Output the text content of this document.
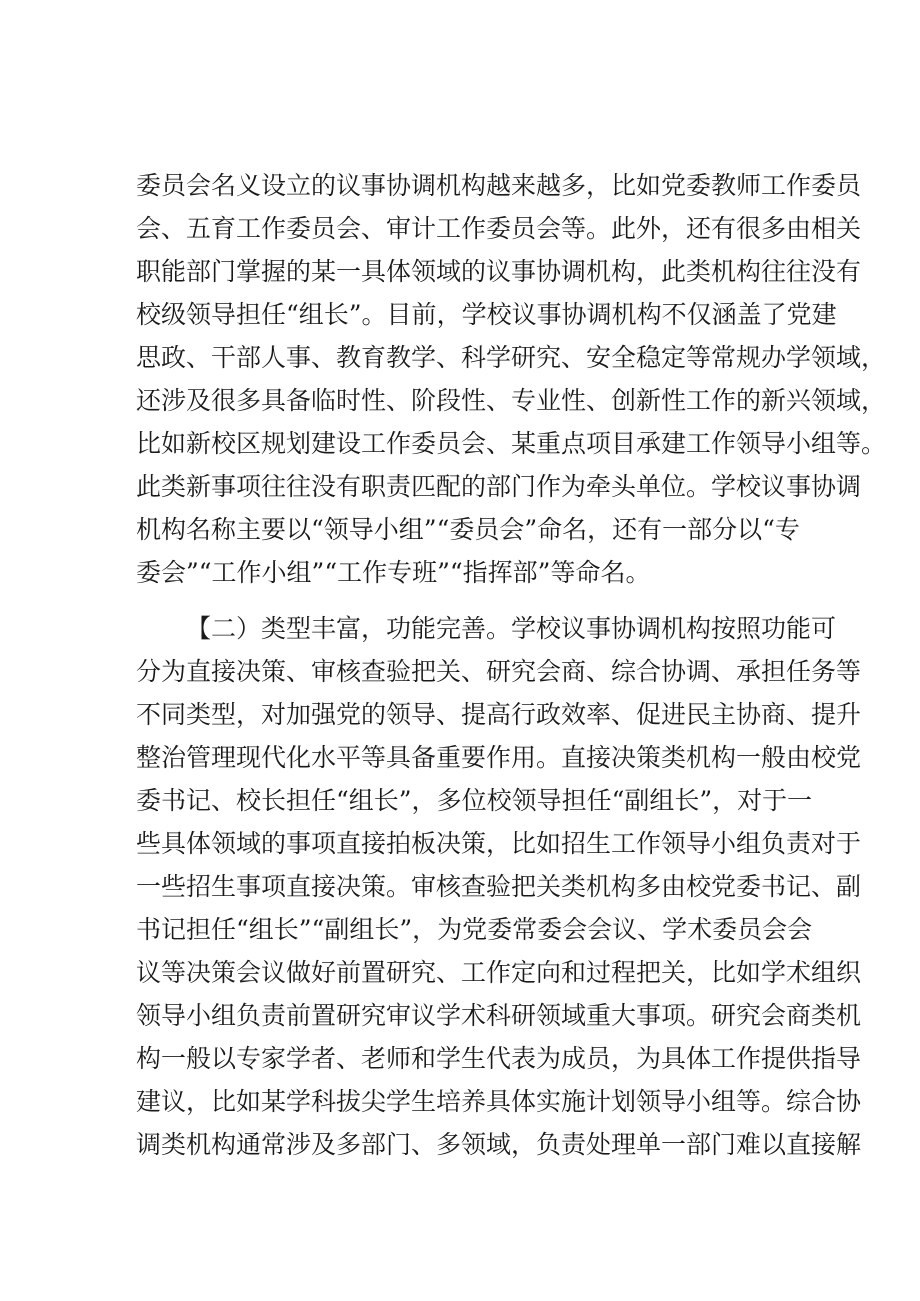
委员会名义设立的议事协调机构越来越多，比如党委教师工作委员
会、五育工作委员会、审计工作委员会等。此外，还有很多由相关
职能部门掌握的某一具体领域的议事协调机构，此类机构往往没有
校级领导担任“组长”。目前，学校议事协调机构不仅涵盖了党建
思政、干部人事、教育教学、科学研究、安全稳定等常规办学领域，
还涉及很多具备临时性、阶段性、专业性、创新性工作的新兴领域，
比如新校区规划建设工作委员会、某重点项目承建工作领导小组等。
此类新事项往往没有职责匹配的部门作为牵头单位。学校议事协调
机构名称主要以“领导小组”“委员会”命名，还有一部分以“专
委会”“工作小组”“工作专班”“指挥部”等命名。
【二）类型丰富，功能完善。学校议事协调机构按照功能可
分为直接决策、审核查验把关、研究会商、综合协调、承担任务等
不同类型，对加强党的领导、提高行政效率、促进民主协商、提升
整治管理现代化水平等具备重要作用。直接决策类机构一般由校党
委书记、校长担任“组长”，多位校领导担任“副组长”，对于一
些具体领域的事项直接拍板决策，比如招生工作领导小组负责对于
一些招生事项直接决策。审核查验把关类机构多由校党委书记、副
书记担任“组长”“副组长”，为党委常委会会议、学术委员会会
议等决策会议做好前置研究、工作定向和过程把关，比如学术组织
领导小组负责前置研究审议学术科研领域重大事项。研究会商类机
构一般以专家学者、老师和学生代表为成员，为具体工作提供指导
建议，比如某学科拔尖学生培养具体实施计划领导小组等。综合协
调类机构通常涉及多部门、多领域，负责处理单一部门难以直接解
